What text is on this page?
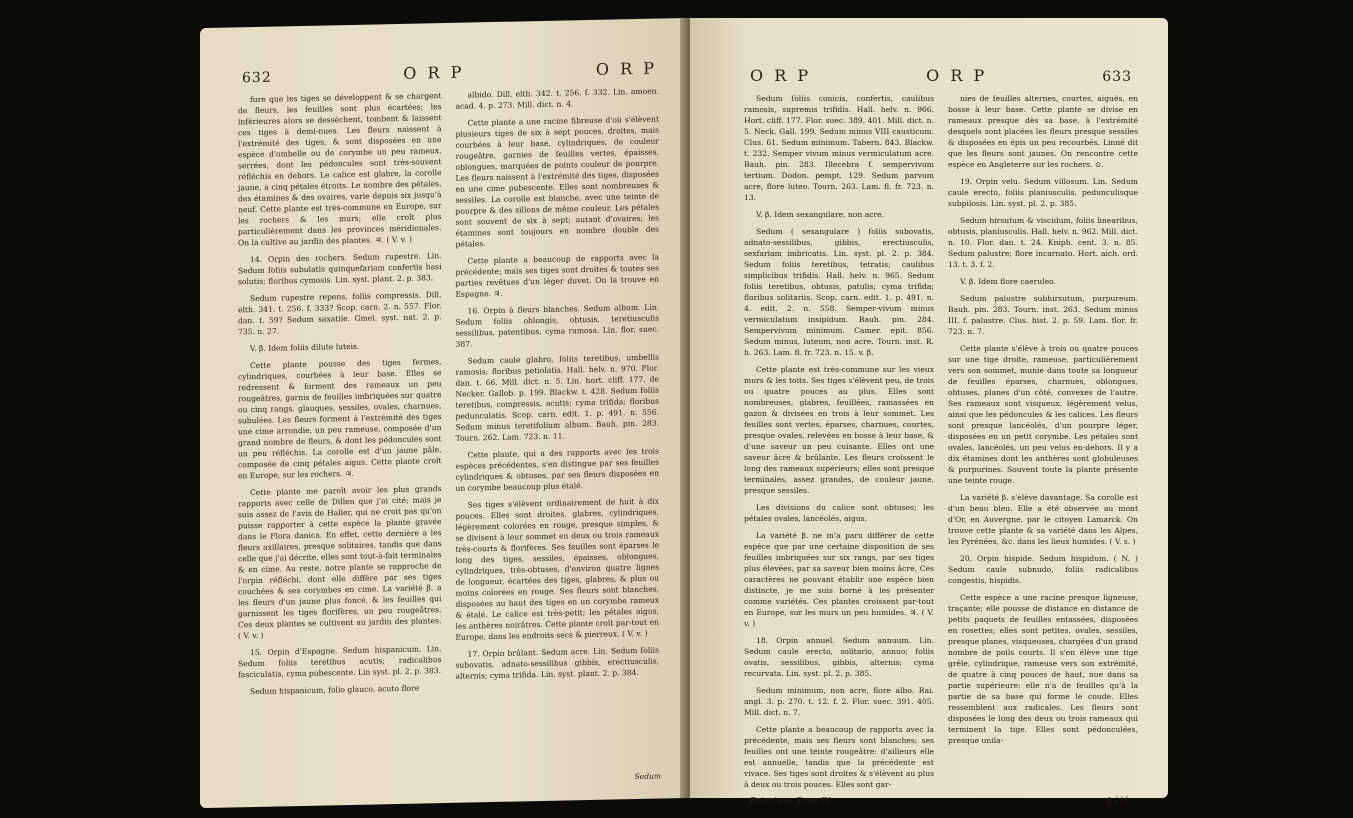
632	O R P	O R P

fure que les tiges se développent & se chargent de fleurs, les feuilles sont plus écartées; les inférieures alors se dessèchent, tombent & laissent ces tiges à demi-nues. Les fleurs naissent à l'extrémité des tiges, & sont disposées en une espèce d'ombelle ou de corymbe un peu rameux, serrées, dont les pédoncules sont très-souvent réfléchis en dehors. Le calice est glabre, la corolle jaune, à cinq pétales étroits. Le nombre des pétales, des étamines & des ovaires, varie depuis six jusqu'à neuf. Cette plante est très-commune en Europe, sur les rochers & les murs; elle croît plus particulièrement dans les provinces méridionales. On la cultive au jardin des plantes. ♃. ( V. v. )

14. Orpin des rochers. Sedum rupestre. Lin. Sedum foliis subulatis quinquefariam confertis basi solutis; floribus cymosis. Lin. syst. plant. 2. p. 383.

Sedum rupestre repens, foliis compressis. Dill. elth. 341. t. 256. f. 333? Scop. carn. 2. n. 557. Flor. dan. t. 59? Sedum saxatile. Gmel. syst. nat. 2. p. 735. n. 27.

V. β. Idem foliis dilute luteis.

Cette plante pousse des tiges fermes, cylindriques, courbées à leur base. Elles se redressent & forment des rameaux un peu rougeâtres, garnis de feuilles imbriquées sur quatre ou cinq rangs, glauques, sessiles, ovales, charnues, subulées. Les fleurs forment à l'extrémité des tiges une cime arrondie, un peu rameuse, composée d'un grand nombre de fleurs, & dont les pédoncules sont un peu réfléchis. La corolle est d'un jaune pâle, composée de cinq pétales aigus. Cette plante croît en Europe, sur les rochers. ♃.

Cette plante me paroît avoir les plus grands rapports avec celle de Dillen que j'ai cité; mais je suis assez de l'avis de Haller, qui ne croit pas qu'on puisse rapporter à cette espèce la plante gravée dans le Flora danica. En effet, cette dernière a les fleurs axillaires, presque solitaires, tandis que dans celle que j'ai décrite, elles sont tout-à-fait terminales & en cime. Au reste, notre plante se rapproche de l'orpin réfléchi, dont elle diffère par ses tiges couchées & ses corymbes en cime. La variété β. a les fleurs d'un jaune plus foncé, & les feuilles qui garnissent les tiges florifères, un peu rougeâtres. Ces deux plantes se cultivent au jardin des plantes. ( V. v. )

15. Orpin d'Espagne. Sedum hispanicum. Lin. Sedum foliis teretibus acutis; radicalibus fasciculatis, cyma pubescente. Lin syst. pl. 2. p. 383.

Sedum hispanicum, folio glauco, acuto flore

albido. Dill. elth. 342. t. 256. f. 332. Lin. amoen. acad. 4. p. 273. Mill. dict. n. 4.

Cette plante a une racine fibreuse d'où s'élèvent plusieurs tiges de six à sept pouces, droites, mais courbées à leur base, cylindriques, de couleur rougeâtre, garnies de feuilles vertes, épaisses, oblongues, marquées de points couleur de pourpre. Les fleurs naissent à l'extrémité des tiges, disposées en une cime pubescente. Elles sont nombreuses & sessiles. La corolle est blanche, avec une teinte de pourpre & des sillons de même couleur. Les pétales sont souvent de six à sept; autant d'ovaires; les étamines sont toujours en nombre double des pétales.

Cette plante a beaucoup de rapports avec la précédente; mais ses tiges sont droites & toutes ses parties revêtues d'un léger duvet. On la trouve en Espagne. ♃.

16. Orpin à fleurs blanches. Sedum album. Lin. Sedum foliis oblongis, obtusis, teretiusculis sessilibus, patentibus, cyma ramosa. Lin. flor. suec. 387.

Sedum caule glabro, foliis teretibus, umbellis ramosis; floribus petiolatis. Hall. helv. n. 970. Flor. dan. t. 66. Mill. dict. n. 5. Lin. hort. cliff. 177. de Necker. Gallob. p. 199. Blackw. t. 428. Sedum foliis teretibus, compressis, acutis; cyma trifida; floribus pedunculatis. Scop. carn. edit. 1. p. 491. n. 556. Sedum minus teretifolium album. Bauh. pin. 283. Tourn. 262. Lam. 723. n. 11.

Cette plante, qui a des rapports avec les trois espèces précédentes, s'en distingue par ses feuilles cylindriques & obtuses, par ses fleurs disposées en un corymbe beaucoup plus étalé.

Ses tiges s'élèvent ordinairement de huit à dix pouces. Elles sont droites, glabres, cylindriques, légèrement colorées en rouge, presque simples, & se divisent à leur sommet en deux ou trois rameaux très-courts & florifères. Ses feuilles sont éparses le long des tiges, sessiles, épaisses, oblongues, cylindriques, très-obtuses, d'environ quatre lignes de longueur, écartées des tiges, glabres, & plus ou moins colorées en rouge. Ses fleurs sont blanches, disposées au haut des tiges en un corymbe rameux & étalé. Le calice est très-petit; les pétales aigus, les anthères noirâtres. Cette plante croît par-tout en Europe, dans les endroits secs & pierreux. ( V. v. )

17. Orpin brûlant. Sedum acre. Lin. Sedum foliis subovatis, adnato-sessilibus gibbis, erectiusculis, alternis; cyma trifida. Lin. syst. plant. 2. p. 384.

Sedum
O R P	O R P	633

Sedum foliis conicis, confertis, caulibus ramosis, supremis trifidis. Hall. helv. n. 966. Hort. cliff. 177. Flor. suec. 389. 401. Mill. dict. n. 5. Neck. Gall. 199. Sedum minus VIII causticum. Clus. 61. Sedum minimum. Tabern. 843. Blackw. t. 232. Semper vivum minus vermiculatum acre. Bauh. pin. 283. Illecebra f. sempervivum tertium. Dodon. pempt. 129. Sedum parvum acre, flore luteo. Tourn. 263. Lam. fl. fr. 723. n. 13.

V. β. Idem sexangulare, non acre.

Sedum ( sexangulare ) foliis subovatis, adnato-sessilibus, gibbis, erectiusculis, sexfariam imbricatis. Lin. syst. pl. 2. p. 384. Sedum foliis teretibus, tetratis; caulibus simplicibus trifidis. Hall. helv. n. 965. Sedum foliis teretibus, obtusis, patulis; cyma trifida; floribus solitariis. Scop. carn. edit. 1. p. 491. n. 4. edit. 2. n. 558. Semper-vivum minus vermiculatum insipidum. Bauh. pin. 284. Sempervivum minimum. Camer. epit. 856. Sedum minus, luteum, non acre. Tourn. inst. R. h. 263. Lam. fl. fr. 723. n. 15. v. β.

Cette plante est très-commune sur les vieux murs & les toits. Ses tiges s'élèvent peu, de trois ou quatre pouces au plus. Elles sont nombreuses, glabres, feuillées, ramassées en gazon & divisées en trois à leur sommet. Les feuilles sont vertes, éparses, charnues, courtes, presque ovales, relevées en bosse à leur base, & d'une saveur un peu cuisante. Elles ont une saveur âcre & brûlante. Les fleurs croissent le long des rameaux supérieurs; elles sont presque terminales, assez grandes, de couleur jaune, presque sessiles.

Les divisions du calice sont obtuses; les pétales ovales, lancéolés, aigus.

La variété β. ne m'a paru différer de cette espèce que par une certaine disposition de ses feuilles imbriquées sur six rangs, par ses tiges plus élevées, par sa saveur bien moins âcre. Ces caractères ne pouvant établir une espèce bien distincte, je me suis borné à les présenter comme variétés. Ces plantes croissent par-tout en Europe, sur les murs un peu humides. ♃. ( V. v. )

18. Orpin annuel. Sedum annuum. Lin. Sedum caule erecto, solitario, annuo; foliis ovatis, sessilibus, gibbis, alternis; cyma recurvata. Lin. syst. pl. 2. p. 385.

Sedum minimum, non acre, flore albo. Rai. angl. 3. p. 270. t. 12. f. 2. Flor. suec. 391. 405. Mill. dict. n. 7.

Cette plante a beaucoup de rapports avec la précédente, mais ses fleurs sont blanches; ses feuilles ont une teinte rougeâtre: d'ailleurs elle est annuelle, tandis que la précédente est vivace. Ses tiges sont droites & s'élèvent au plus à deux ou trois pouces. Elles sont gar-

nies de feuilles alternes, courtes, aiguës, en bosse à leur base. Cette plante se divise en rameaux presque dès sa base, à l'extrémité desquels sont placées les fleurs presque sessiles & disposées en épis un peu recourbés. Linné dit que les fleurs sont jaunes. On rencontre cette espèce en Angleterre sur les rochers. ⊙.

19. Orpin velu. Sedum villosum. Lin. Sedum caule erecto, foliis planiusculis, pedunculisque subpilosis. Lin. syst. pl. 2. p. 385.

Sedum hirsutum & viscidum, foliis linearibus, obtusis, planiusculis. Hall. helv. n. 962. Mill. dict. n. 10. Flor. dan. t. 24. Kniph. cent. 3. n. 85. Sedum palustre; flore incarnato. Hort. aich. ord. 13. t. 3. f. 2.

V. β. Idem flore caeruleo.

Sedum palustre subhirsutum, purpureum. Bauh. pin. 283. Tourn. inst. 263. Sedum minus III, f. palustre. Clus. hist. 2. p. 59. Lam. flor. fr. 723. n. 7.

Cette plante s'élève à trois ou quatre pouces sur une tige droite, rameuse, particulièrement vers son sommet, munie dans toute sa longueur de feuilles éparses, charnues, oblongues, obtuses, planes d'un côté, convexes de l'autre. Ses rameaux sont visqueux, légèrement velus, ainsi que les pédoncules & les calices. Les fleurs sont presque lancéolés, d'un pourpre léger, disposées en un petit corymbe. Les pétales sont ovales, lancéolés, un peu velus en-dehors. Il y a dix étamines dont les anthères sont globuleuses & purpurines. Souvent toute la plante présente une teinte rouge.

La variété β. s'élève davantage. Sa corolle est d'un beau bleu. Elle a été observée au mont d'Or, en Auvergne, par le citoyen Lamarck. On trouve cette plante & sa variété dans les Alpes, les Pyrénées, &c. dans les lieux humides. ( V. s. )

20. Orpin hispide. Sedum hispidum. ( N. ) Sedum caule subnudo, foliis radicalibus congestis, hispidis.

Cette espèce a une racine presque ligneuse, traçante; elle pousse de distance en distance de petits paquets de feuilles entassées, disposées en rosettes; elles sont petites, ovales, sessiles, presque planes, visqueuses, chargées d'un grand nombre de poils courts. Il s'en élève une tige grêle, cylindrique, rameuse vers son extrémité, de quatre à cinq pouces de haut, nue dans sa partie supérieure: elle n'a de feuilles qu'à la partie de sa base qui forme le coude. Elles ressemblent aux radicales. Les fleurs sont disposées le long des deux ou trois rameaux qui terminent la tige. Elles sont pédonculées, presque unila-

Botanique. Tome IV.	L l l l
